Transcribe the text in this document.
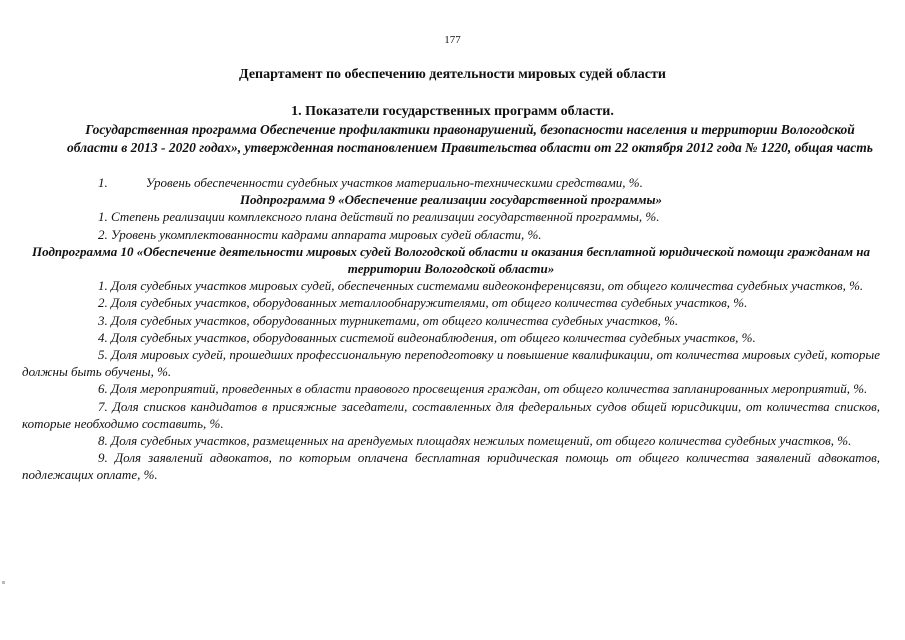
177
Департамент по обеспечению деятельности мировых судей области
1. Показатели государственных программ области.
Государственная программа Обеспечение профилактики правонарушений, безопасности населения и территории Вологодской области в 2013 - 2020 годах», утвержденная постановлением Правительства области от 22 октября 2012 года № 1220, общая часть

1.	Уровень обеспеченности судебных участков материально-техническими средствами, %.

Подпрограмма 9 «Обеспечение реализации государственной программы»

1. Степень реализации комплексного плана действий по реализации государственной программы, %.

2. Уровень укомплектованности кадрами аппарата мировых судей области, %.

Подпрограмма 10 «Обеспечение деятельности мировых судей Вологодской области и оказания бесплатной юридической помощи гражданам на территории Вологодской области»

1. Доля судебных участков мировых судей, обеспеченных системами видеоконференцсвязи, от общего количества судебных участков, %.

2. Доля судебных участков, оборудованных металлообнаружителями, от общего количества судебных участков, %.

3. Доля судебных участков, оборудованных турникетами, от общего количества судебных участков, %.

4. Доля судебных участков, оборудованных системой видеонаблюдения, от общего количества судебных участков, %.

5. Доля мировых судей, прошедших профессиональную переподготовку и повышение квалификации, от количества мировых судей, которые должны быть обучены, %.

6. Доля мероприятий, проведенных в области правового просвещения граждан, от общего количества запланированных мероприятий, %.

7. Доля списков кандидатов в присяжные заседатели, составленных для федеральных судов общей юрисдикции, от количества списков, которые необходимо составить, %.

8. Доля судебных участков, размещенных на арендуемых площадях нежилых помещений, от общего количества судебных участков, %.

9. Доля заявлений адвокатов, по которым оплачена бесплатная юридическая помощь от общего количества заявлений адвокатов, подлежащих оплате, %.
